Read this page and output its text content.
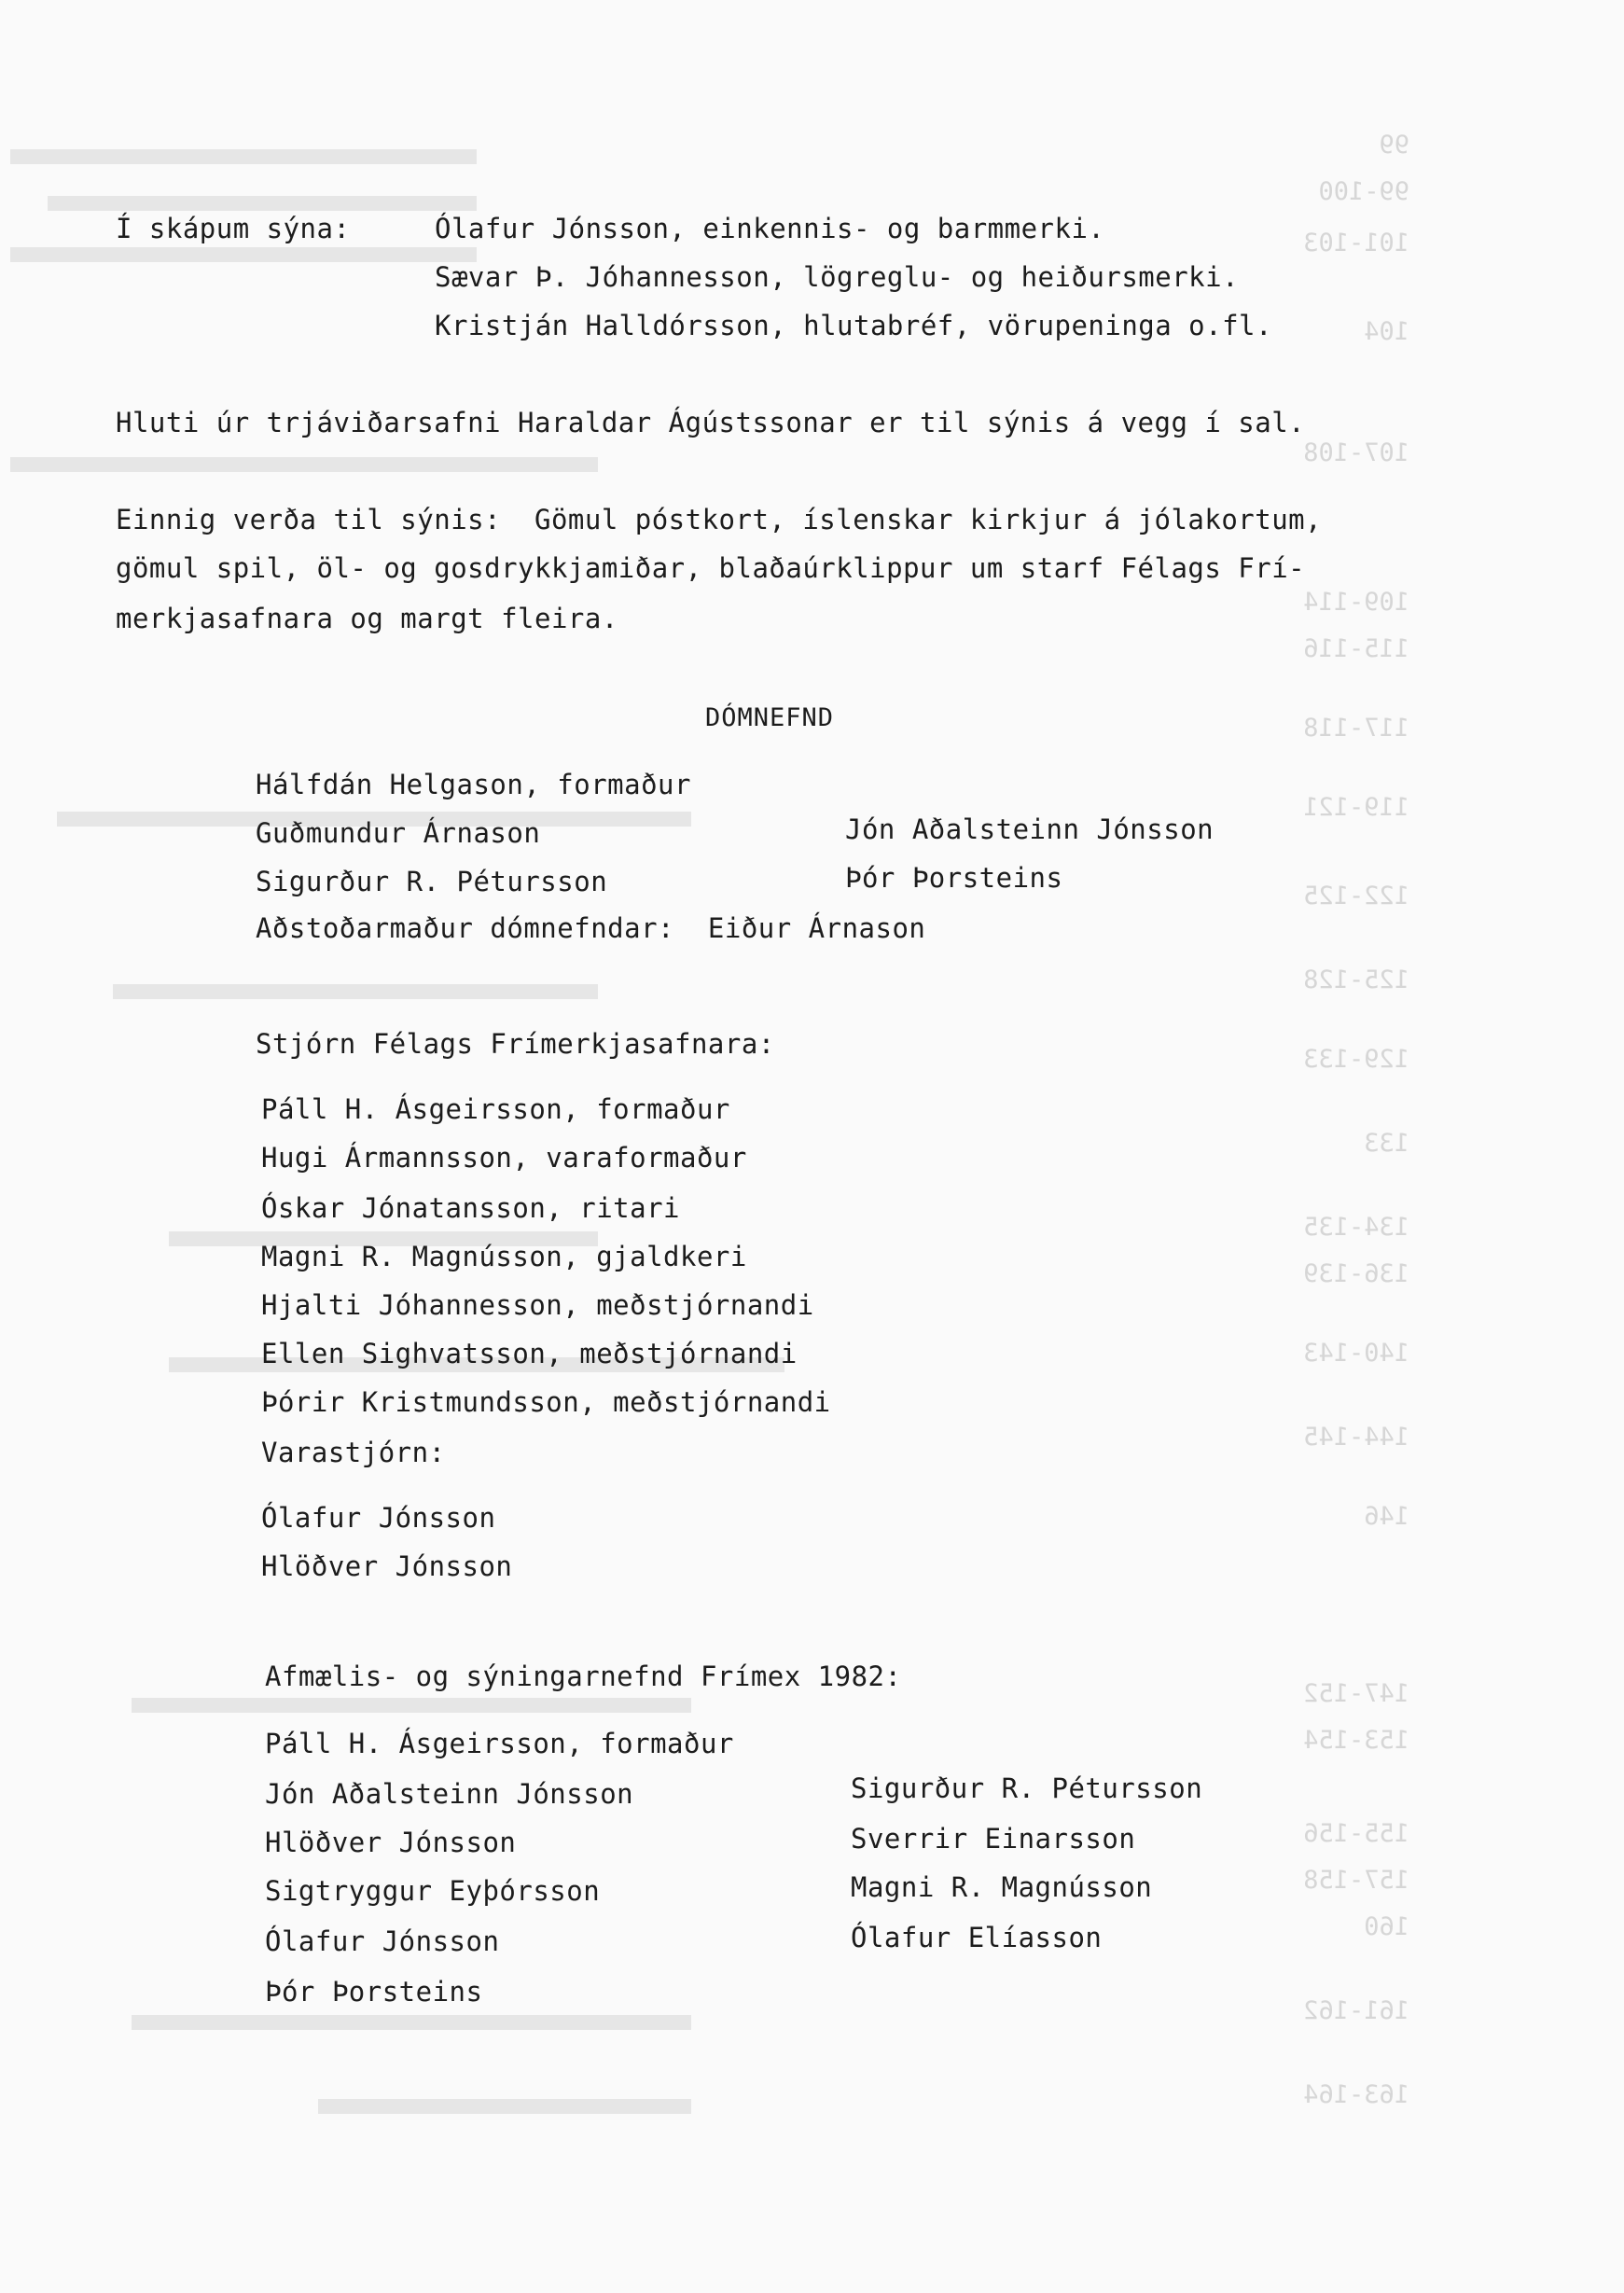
99
99-100
101-103
104
107-108
109-114
115-116
117-118
119-121
122-125
125-128
129-133
133
134-135
136-139
140-143
144-145
146
147-152
153-154
155-156
157-158
160
161-162
163-164
Í skápum sýna:	Ólafur Jónsson, einkennis- og barmmerki.
Sævar Þ. Jóhannesson, lögreglu- og heiðursmerki.
Kristján Halldórsson, hlutabréf, vörupeninga o.fl.
Hluti úr trjáviðarsafni Haraldar Ágústssonar er til sýnis á vegg í sal.
Einnig verða til sýnis:  Gömul póstkort, íslenskar kirkjur á jólakortum,
gömul spil, öl- og gosdrykkjamiðar, blaðaúrklippur um starf Félags Frí-
merkjasafnara og margt fleira.
DÓMNEFND
Hálfdán Helgason, formaður
Guðmundur Árnason	Jón Aðalsteinn Jónsson
Sigurður R. Pétursson	Þór Þorsteins
Aðstoðarmaður dómnefndar:  Eiður Árnason
Stjórn Félags Frímerkjasafnara:
Páll H. Ásgeirsson, formaður
Hugi Ármannsson, varaformaður
Óskar Jónatansson, ritari
Magni R. Magnússon, gjaldkeri
Hjalti Jóhannesson, meðstjórnandi
Ellen Sighvatsson, meðstjórnandi
Þórir Kristmundsson, meðstjórnandi
Varastjórn:
Ólafur Jónsson
Hlöðver Jónsson
Afmælis- og sýningarnefnd Frímex 1982:
Páll H. Ásgeirsson, formaður
Jón Aðalsteinn Jónsson	Sigurður R. Pétursson
Hlöðver Jónsson	Sverrir Einarsson
Sigtryggur Eyþórsson	Magni R. Magnússon
Ólafur Jónsson	Ólafur Elíasson
Þór Þorsteins
